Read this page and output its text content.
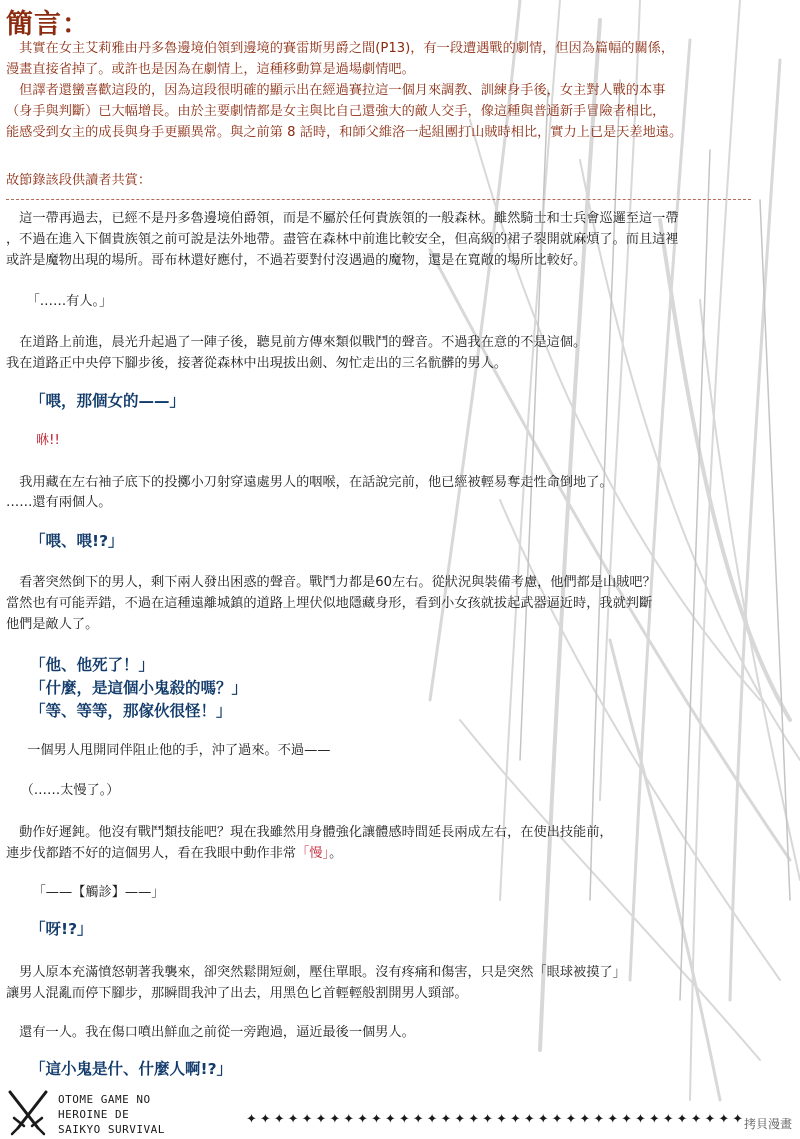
簡言：

　其實在女主艾莉雅由丹多魯邊境伯領到邊境的賽雷斯男爵之間(P13)，有一段遭遇戰的劇情，但因為篇幅的關係，

漫畫直接省掉了。或許也是因為在劇情上，這種移動算是過場劇情吧。

　但譯者還蠻喜歡這段的，因為這段很明確的顯示出在經過賽拉這一個月來調教、訓練身手後，女主對人戰的本事

（身手與判斷）已大幅增長。由於主要劇情都是女主與比自己還強大的敵人交手，像這種與普通新手冒險者相比，

能感受到女主的成長與身手更顯異常。與之前第 8 話時，和師父維洛一起組團打山賊時相比，實力上已是天差地遠。

故節錄該段供讀者共賞：

　這一帶再過去，已經不是丹多魯邊境伯爵領，而是不屬於任何貴族領的一般森林。雖然騎士和士兵會巡邏至這一帶

，不過在進入下個貴族領之前可說是法外地帶。盡管在森林中前進比較安全，但高級的裙子裂開就麻煩了。而且這裡

或許是魔物出現的場所。哥布林還好應付，不過若要對付沒遇過的魔物，還是在寬敞的場所比較好。

　「……有人。」

　在道路上前進，晨光升起過了一陣子後，聽見前方傳來類似戰鬥的聲音。不過我在意的不是這個。

我在道路正中央停下腳步後，接著從森林中出現拔出劍、匆忙走出的三名骯髒的男人。

「喂，那個女的——」

咻!!

　我用藏在左右袖子底下的投擲小刀射穿遠處男人的咽喉，在話說完前，他已經被輕易奪走性命倒地了。

……還有兩個人。

「喂、喂!?」

　看著突然倒下的男人，剩下兩人發出困惑的聲音。戰鬥力都是60左右。從狀況與裝備考慮，他們都是山賊吧？

當然也有可能弄錯，不過在這種遠離城鎮的道路上埋伏似地隱藏身形，看到小女孩就拔起武器逼近時，我就判斷

他們是敵人了。

「他、他死了！」

「什麼，是這個小鬼殺的嗎？」

「等、等等，那傢伙很怪！」

　一個男人甩開同伴阻止他的手，沖了過來。不過——

　（……太慢了。）

　動作好遲鈍。他沒有戰鬥類技能吧？現在我雖然用身體強化讓體感時間延長兩成左右，在使出技能前，

連步伐都踏不好的這個男人，看在我眼中動作非常「慢」。

　「——【觸診】——」

「呀!?」

　男人原本充滿憤怒朝著我襲來，卻突然鬆開短劍，壓住單眼。沒有疼痛和傷害，只是突然「眼球被摸了」

讓男人混亂而停下腳步，那瞬間我沖了出去，用黑色匕首輕輕般割開男人頸部。

　還有一人。我在傷口噴出鮮血之前從一旁跑過，逼近最後一個男人。

「這小鬼是什、什麼人啊!?」

OTOME GAME NO
HEROINE DE
SAIKYO SURVIVAL

✦✦✦✦✦✦✦✦✦✦✦✦✦✦✦✦✦✦✦✦✦✦✦✦✦✦✦✦✦✦✦✦✦✦✦✦
拷貝漫畫
